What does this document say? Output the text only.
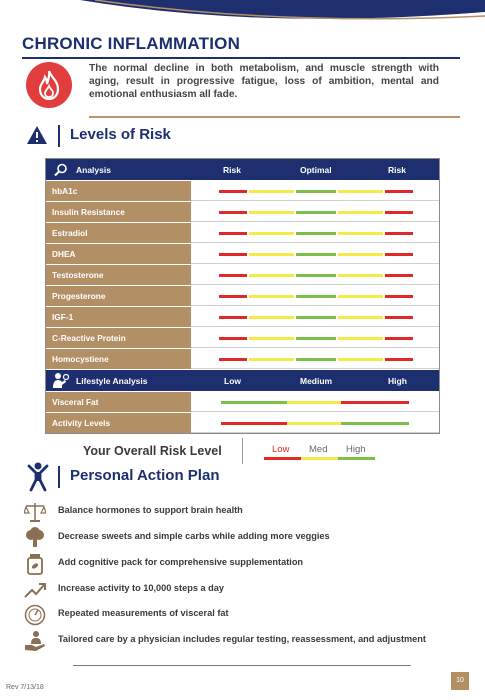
CHRONIC INFLAMMATION
The normal decline in both metabolism, and muscle strength with aging, result in progressive fatigue, loss of ambition, mental and emotional enthusiasm all fade.
Levels of Risk
Analysis	Risk	Optimal	Risk
hbA1c
Insulin Resistance
Estradiol
DHEA
Testosterone
Progesterone
IGF-1
C-Reactive Protein
Homocystiene
Lifestyle Analysis	Low	Medium	High
Visceral Fat
Activity Levels
Your Overall Risk Level	Low Med High
Personal Action Plan
Balance hormones to support brain health
Decrease sweets and simple carbs while adding more veggies
Add cognitive pack for comprehensive supplementation
Increase activity to 10,000 steps a day
Repeated measurements of visceral fat
Tailored care by a physician includes regular testing, reassessment, and adjustment
Rev 7/13/18
10
